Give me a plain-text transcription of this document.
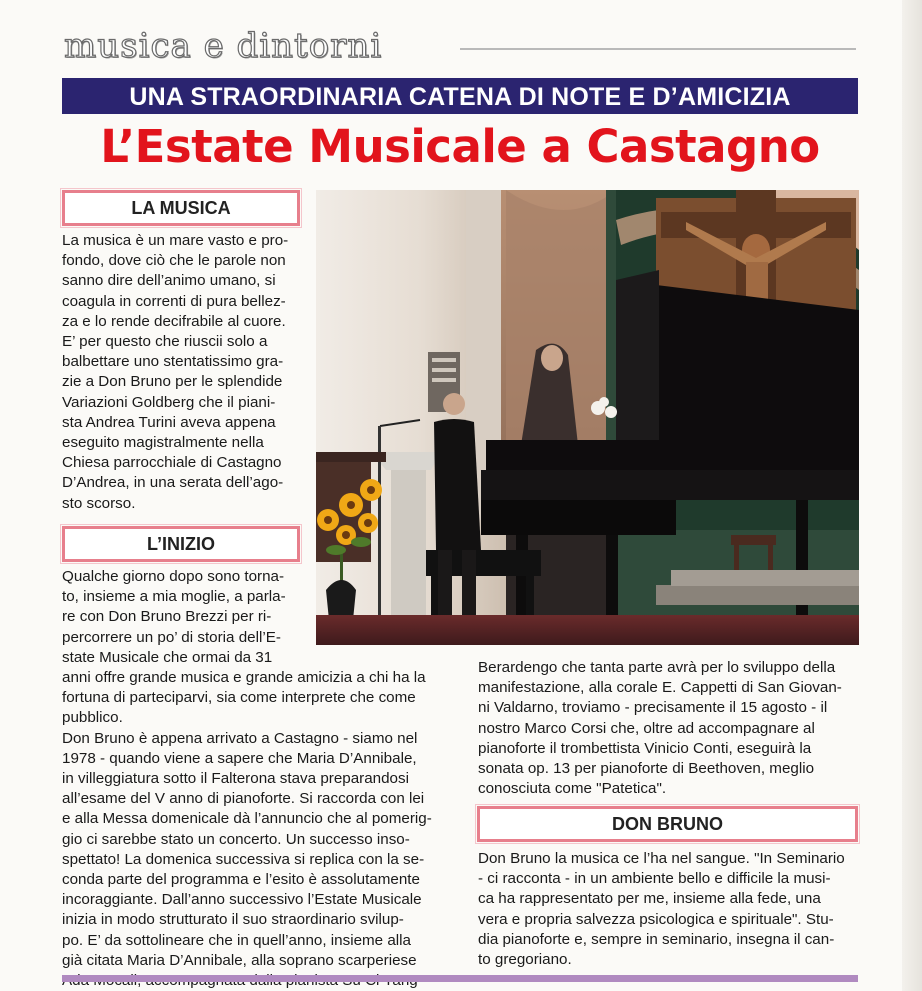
musica e dintorni
UNA STRAORDINARIA CATENA DI NOTE E D’AMICIZIA
L’Estate Musicale a Castagno
LA MUSICA

La musica è un mare vasto e pro-

fondo, dove ciò che le parole non

sanno dire dell’animo umano, si

coagula in correnti di pura bellez-

za e lo rende decifrabile al cuore.

E’ per questo che riuscii solo a

balbettare uno stentatissimo gra-

zie a Don Bruno per le splendide

Variazioni Goldberg che il piani-

sta Andrea Turini aveva appena

eseguito magistralmente nella

Chiesa parrocchiale di Castagno

D’Andrea, in una serata dell’ago-

sto scorso.

L’INIZIO

Qualche giorno dopo sono torna-

to, insieme a mia moglie, a parla-

re con Don Bruno Brezzi per ri-

percorrere un po’ di storia dell’E-

state Musicale che ormai da 31

anni offre grande musica e grande amicizia a chi ha la

fortuna di parteciparvi, sia come interprete che come

pubblico.

Don Bruno è appena arrivato a Castagno - siamo nel

1978 - quando viene a sapere che Maria D’Annibale,

in villeggiatura sotto il Falterona stava preparandosi

all’esame del V anno di pianoforte. Si raccorda con lei

e alla Messa domenicale dà l’annuncio che al pomerig-

gio ci sarebbe stato un concerto. Un successo inso-

spettato! La domenica successiva si replica con la se-

conda parte del programma e l’esito è assolutamente

incoraggiante. Dall’anno successivo l’Estate Musicale

inizia in modo strutturato il suo straordinario svilup-

po. E’ da sottolineare che in quell’anno, insieme alla

già citata Maria D’Annibale, alla soprano scarperiese

Berardengo che tanta parte avrà per lo sviluppo della

manifestazione, alla corale E. Cappetti di San Giovan-

ni Valdarno, troviamo - precisamente il 15 agosto - il

nostro Marco Corsi che, oltre ad accompagnare al

pianoforte il trombettista Vinicio Conti, eseguirà la

sonata op. 13 per pianoforte di Beethoven, meglio

conosciuta come "Patetica".

DON BRUNO

Don Bruno la musica ce l’ha nel sangue. "In Seminario

- ci racconta - in un ambiente bello e difficile la musi-

ca ha rappresentato per me, insieme alla fede, una

vera e propria salvezza psicologica e spirituale". Stu-

dia pianoforte e, sempre in seminario, insegna il can-

to gregoriano.
